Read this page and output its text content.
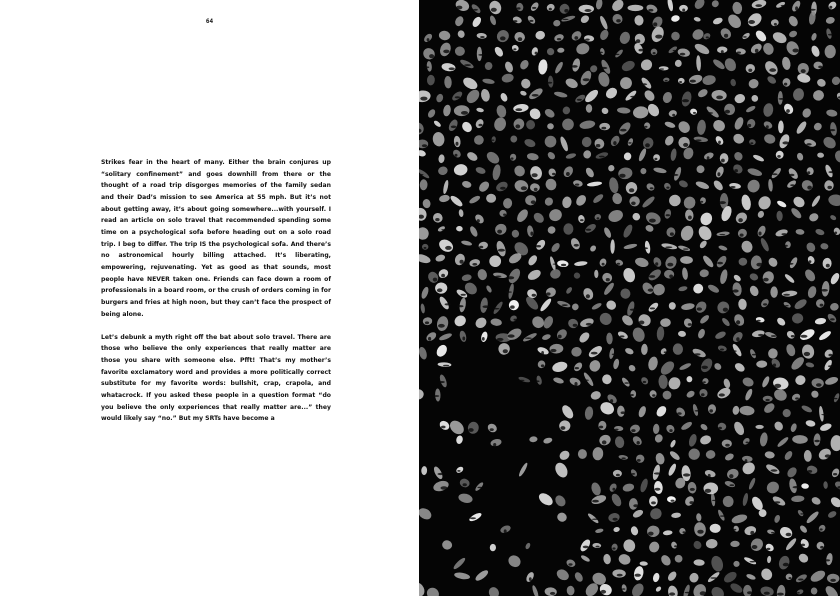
64

Strikes fear in the heart of many. Either the brain conjures up “solitary confinement” and goes downhill from there or the thought of a road trip disgorges memories of the family sedan and their Dad’s mission to see America at 55 mph. But it’s not about getting away, it’s about going somewhere...with yourself. I read an article on solo travel that recommended spending some time on a psychological sofa before heading out on a solo road trip. I beg to differ. The trip IS the psychological sofa. And there’s no astronomical hourly billing attached. It’s liberating, empowering, rejuvenating. Yet as good as that sounds, most people have NEVER taken one. Friends can face down a room of professionals in a board room, or the crush of orders coming in for burgers and fries at high noon, but they can’t face the prospect of being alone.

Let’s debunk a myth right off the bat about solo travel. There are those who believe the only experiences that really matter are those you share with someone else. Pfft! That’s my mother’s favorite exclamatory word and provides a more politically correct substitute for my favorite words: bullshit, crap, crapola, and whatacrock. If you asked these people in a question format “do you believe the only experiences that really matter are...” they would likely say “no.” But my SRTs have become a
